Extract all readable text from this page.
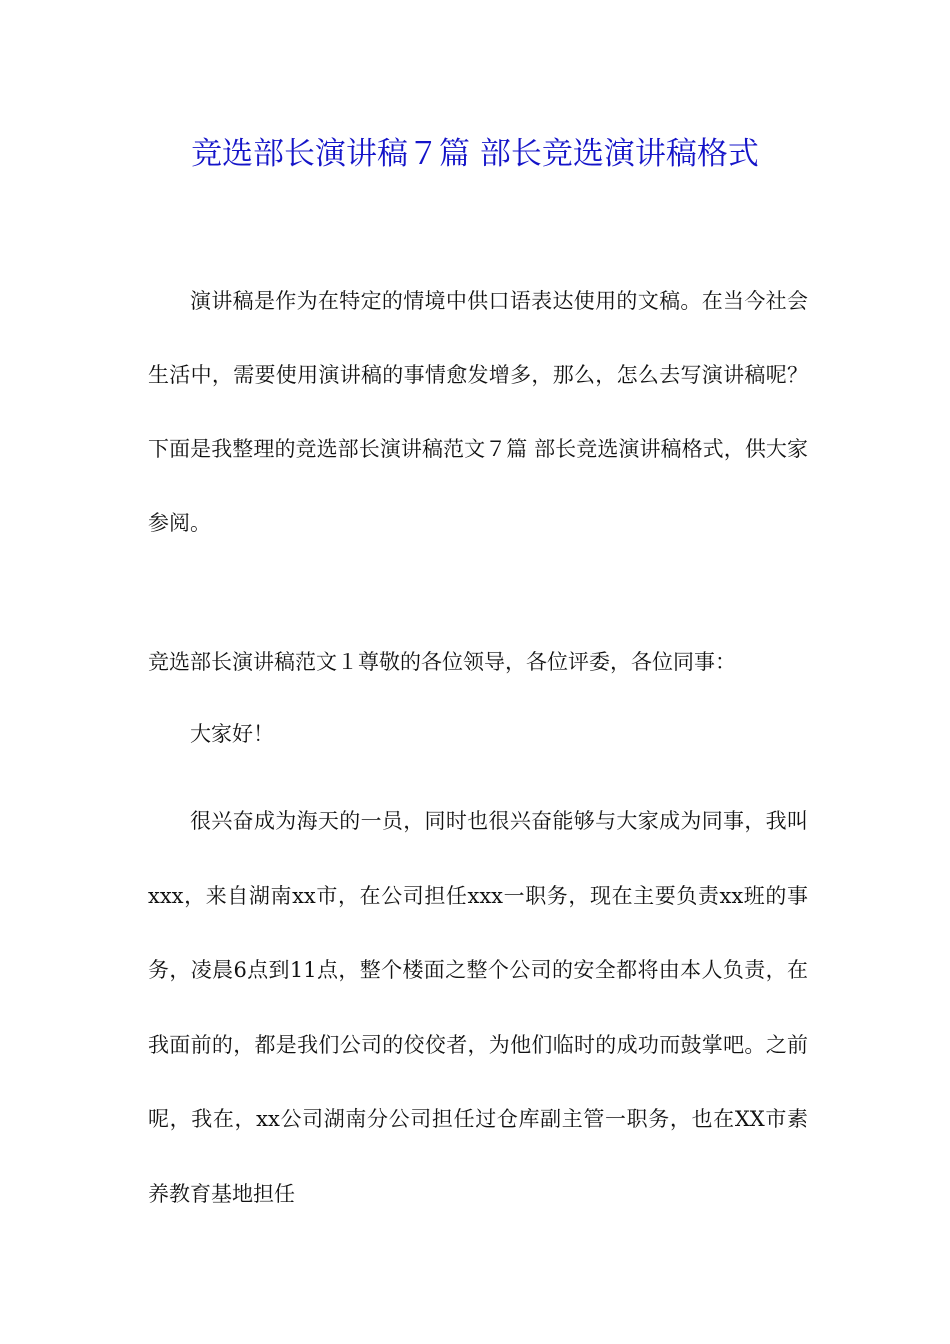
竞选部长演讲稿７篇 部长竞选演讲稿格式

演讲稿是作为在特定的情境中供口语表达使用的文稿。在当今社会生活中，需要使用演讲稿的事情愈发增多，那么，怎么去写演讲稿呢？下面是我整理的竞选部长演讲稿范文７篇 部长竞选演讲稿格式，供大家参阅。

竞选部长演讲稿范文１尊敬的各位领导，各位评委，各位同事：

大家好！

很兴奋成为海天的一员，同时也很兴奋能够与大家成为同事，我叫xxx，来自湖南xx市，在公司担任xxx一职务，现在主要负责xx班的事务，凌晨6点到11点，整个楼面之整个公司的安全都将由本人负责，在我面前的，都是我们公司的佼佼者，为他们临时的成功而鼓掌吧。之前呢，我在，xx公司湖南分公司担任过仓库副主管一职务，也在XX市素养教育基地担任
